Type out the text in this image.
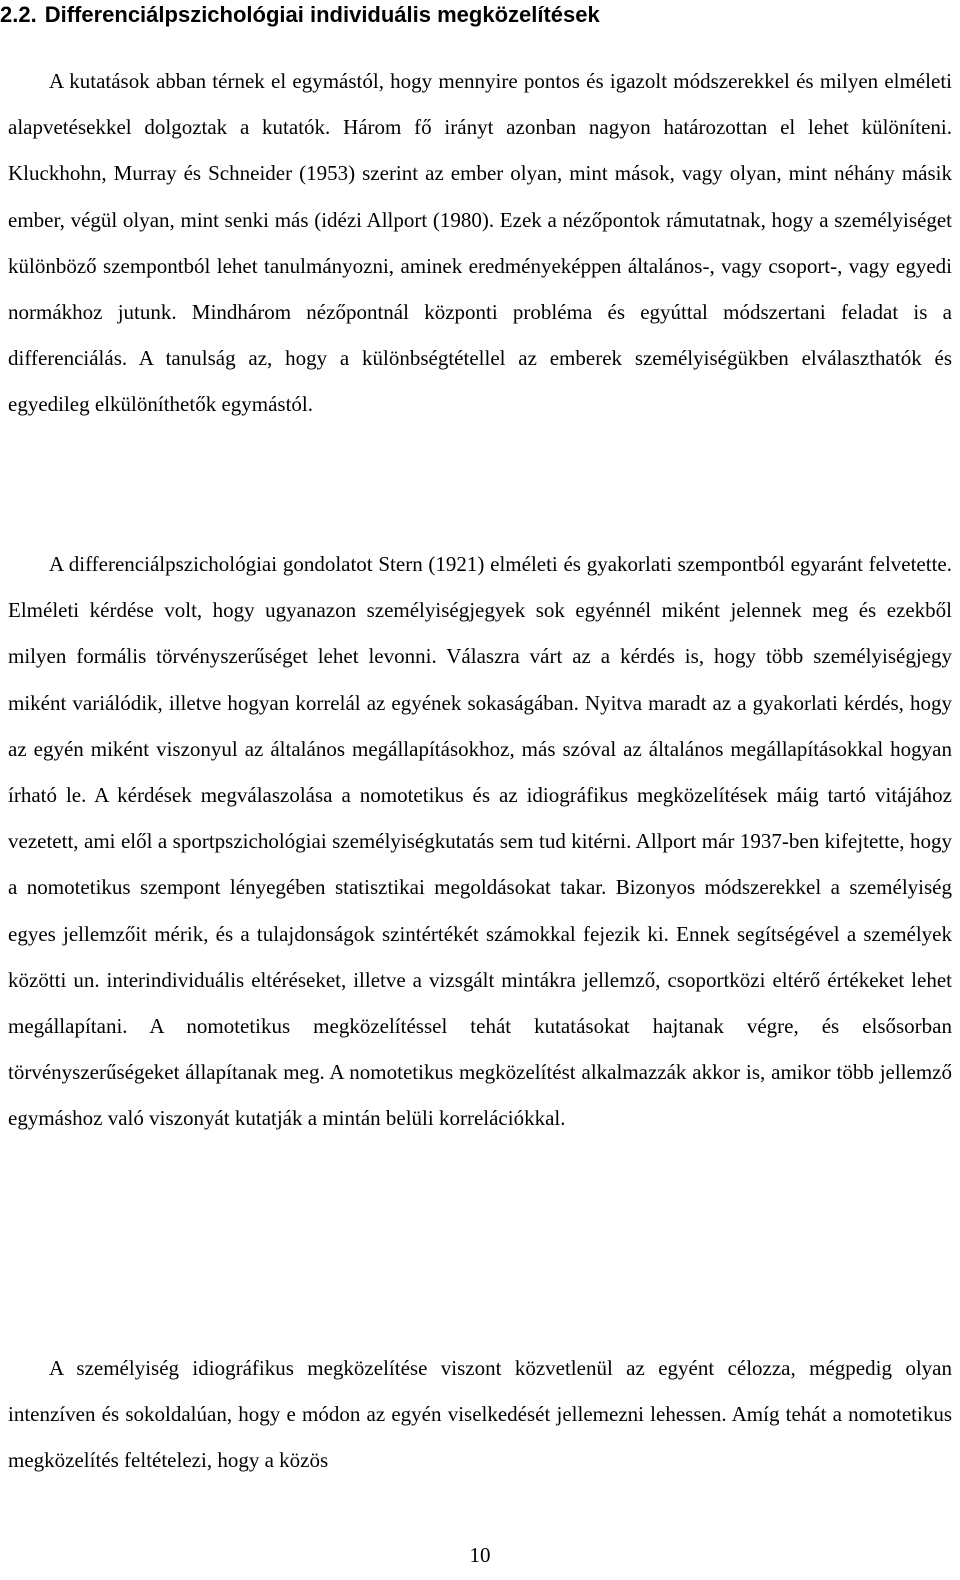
2.2. Differenciálpszichológiai individuális megközelítések

A kutatások abban térnek el egymástól, hogy mennyire pontos és igazolt módszerekkel és milyen elméleti alapvetésekkel dolgoztak a kutatók. Három fő irányt azonban nagyon határozottan el lehet különíteni. Kluckhohn, Murray és Schneider (1953) szerint az ember olyan, mint mások, vagy olyan, mint néhány másik ember, végül olyan, mint senki más (idézi Allport (1980). Ezek a nézőpontok rámutatnak, hogy a személyiséget különböző szempontból lehet tanulmányozni, aminek eredményeképpen általános-, vagy csoport-, vagy egyedi normákhoz jutunk. Mindhárom nézőpontnál központi probléma és egyúttal módszertani feladat is a differenciálás. A tanulság az, hogy a különbségtétellel az emberek személyiségükben elválaszthatók és egyedileg elkülöníthetők egymástól.

A differenciálpszichológiai gondolatot Stern (1921) elméleti és gyakorlati szempontból egyaránt felvetette. Elméleti kérdése volt, hogy ugyanazon személyiségjegyek sok egyénnél miként jelennek meg és ezekből milyen formális törvényszerűséget lehet levonni. Válaszra várt az a kérdés is, hogy több személyiségjegy miként variálódik, illetve hogyan korrelál az egyének sokaságában. Nyitva maradt az a gyakorlati kérdés, hogy az egyén miként viszonyul az általános megállapításokhoz, más szóval az általános megállapításokkal hogyan írható le. A kérdések megválaszolása a nomotetikus és az idiográfikus megközelítések máig tartó vitájához vezetett, ami elől a sportpszichológiai személyiségkutatás sem tud kitérni. Allport már 1937-ben kifejtette, hogy a nomotetikus szempont lényegében statisztikai megoldásokat takar. Bizonyos módszerekkel a személyiség egyes jellemzőit mérik, és a tulajdonságok szintértékét számokkal fejezik ki. Ennek segítségével a személyek közötti un. interindividuális eltéréseket, illetve a vizsgált mintákra jellemző, csoportközi eltérő értékeket lehet megállapítani. A nomotetikus megközelítéssel tehát kutatásokat hajtanak végre, és elsősorban törvényszerűségeket állapítanak meg. A nomotetikus megközelítést alkalmazzák akkor is, amikor több jellemző egymáshoz való viszonyát kutatják a mintán belüli korrelációkkal.

A személyiség idiográfikus megközelítése viszont közvetlenül az egyént célozza, mégpedig olyan intenzíven és sokoldalúan, hogy e módon az egyén viselkedését jellemezni lehessen. Amíg tehát a nomotetikus megközelítés feltételezi, hogy a közös

10
